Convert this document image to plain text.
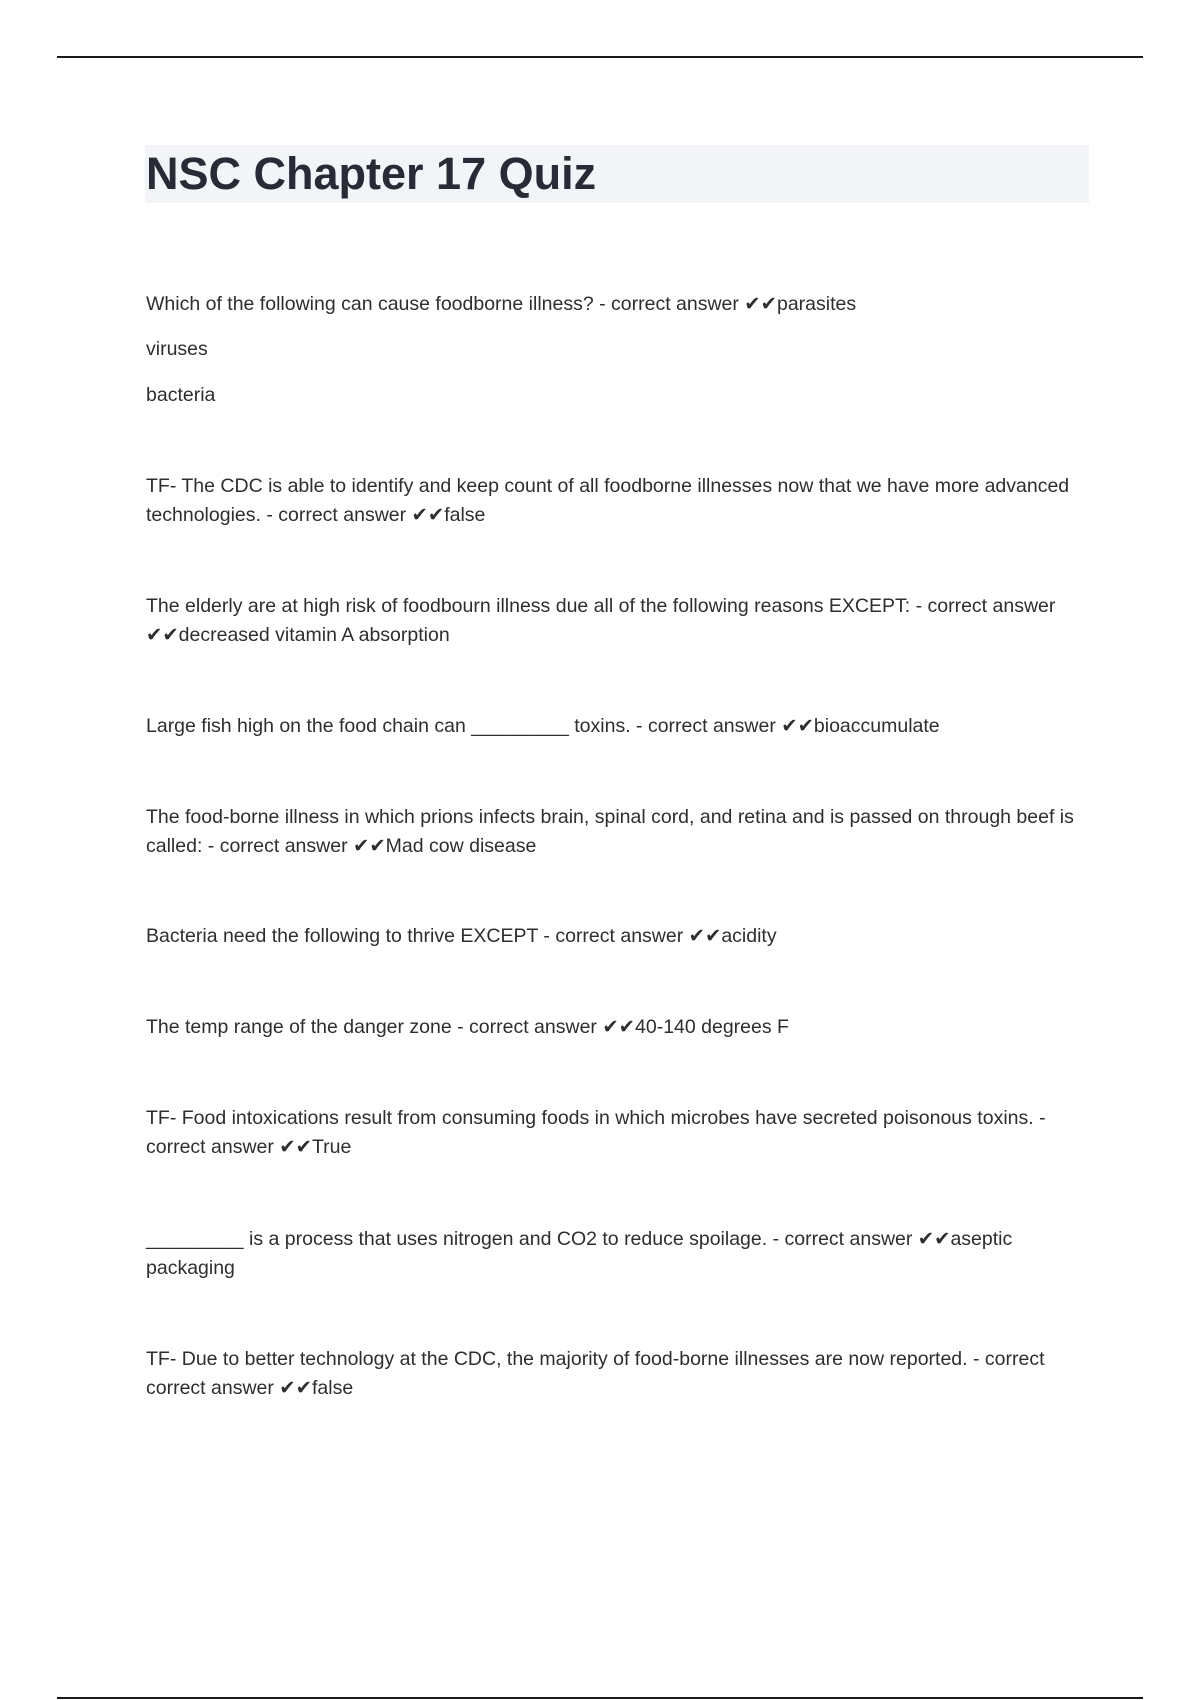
NSC Chapter 17 Quiz

Which of the following can cause foodborne illness? - correct answer ✔✔parasites

viruses

bacteria

TF- The CDC is able to identify and keep count of all foodborne illnesses now that we have more advanced technologies. - correct answer ✔✔false

The elderly are at high risk of foodbourn illness due all of the following reasons EXCEPT: - correct answer ✔✔decreased vitamin A absorption

Large fish high on the food chain can _________ toxins. - correct answer ✔✔bioaccumulate

The food-borne illness in which prions infects brain, spinal cord, and retina and is passed on through beef is called: - correct answer ✔✔Mad cow disease

Bacteria need the following to thrive EXCEPT - correct answer ✔✔acidity

The temp range of the danger zone - correct answer ✔✔40-140 degrees F

TF- Food intoxications result from consuming foods in which microbes have secreted poisonous toxins. - correct answer ✔✔True

_________ is a process that uses nitrogen and CO2 to reduce spoilage. - correct answer ✔✔aseptic packaging

TF- Due to better technology at the CDC, the majority of food-borne illnesses are now reported. - correct correct answer ✔✔false
